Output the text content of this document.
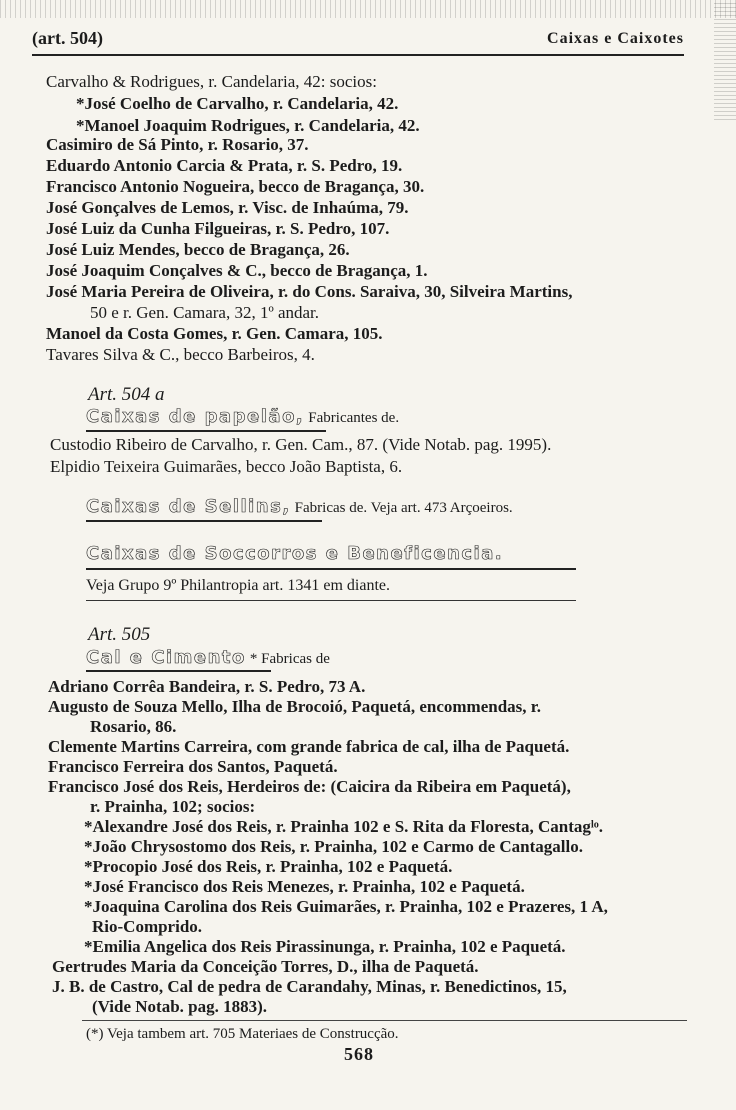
(art. 504)	Caixas e Caixotes
Carvalho & Rodrigues, r. Candelaria, 42: socios:
*José Coelho de Carvalho, r. Candelaria, 42.
*Manoel Joaquim Rodrigues, r. Candelaria, 42.
Casimiro de Sá Pinto, r. Rosario, 37.
Eduardo Antonio Carcia & Prata, r. S. Pedro, 19.
Francisco Antonio Nogueira, becco de Bragança, 30.
José Gonçalves de Lemos, r. Visc. de Inhaúma, 79.
José Luiz da Cunha Filgueiras, r. S. Pedro, 107.
José Luiz Mendes, becco de Bragança, 26.
José Joaquim Conçalves & C., becco de Bragança, 1.
José Maria Pereira de Oliveira, r. do Cons. Saraiva, 30, Silveira Martins,
50 e r. Gen. Camara, 32, 1º andar.
Manoel da Costa Gomes, r. Gen. Camara, 105.
Tavares Silva & C., becco Barbeiros, 4.
Art. 504 a
Caixas de papelão, Fabricantes de.
Custodio Ribeiro de Carvalho, r. Gen. Cam., 87. (Vide Notab. pag. 1995).
Elpidio Teixeira Guimarães, becco João Baptista, 6.
Caixas de Sellins, Fabricas de. Veja art. 473 Arçoeiros.
Caixas de Soccorros e Beneficencia.
Veja Grupo 9º Philantropia art. 1341 em diante.
Art. 505
Cal e Cimento * Fabricas de
Adriano Corrêa Bandeira, r. S. Pedro, 73 A.
Augusto de Souza Mello, Ilha de Brocoió, Paquetá, encommendas, r.
Rosario, 86.
Clemente Martins Carreira, com grande fabrica de cal, ilha de Paquetá.
Francisco Ferreira dos Santos, Paquetá.
Francisco José dos Reis, Herdeiros de: (Caicira da Ribeira em Paquetá),
r. Prainha, 102; socios:
*Alexandre José dos Reis, r. Prainha 102 e S. Rita da Floresta, Cantagˡᵒ.
*João Chrysostomo dos Reis, r. Prainha, 102 e Carmo de Cantagallo.
*Procopio José dos Reis, r. Prainha, 102 e Paquetá.
*José Francisco dos Reis Menezes, r. Prainha, 102 e Paquetá.
*Joaquina Carolina dos Reis Guimarães, r. Prainha, 102 e Prazeres, 1 A,
Rio-Comprido.
*Emilia Angelica dos Reis Pirassinunga, r. Prainha, 102 e Paquetá.
Gertrudes Maria da Conceição Torres, D., ilha de Paquetá.
J. B. de Castro, Cal de pedra de Carandahy, Minas, r. Benedictinos, 15,
(Vide Notab. pag. 1883).
(*) Veja tambem art. 705 Materiaes de Construcção.
568
